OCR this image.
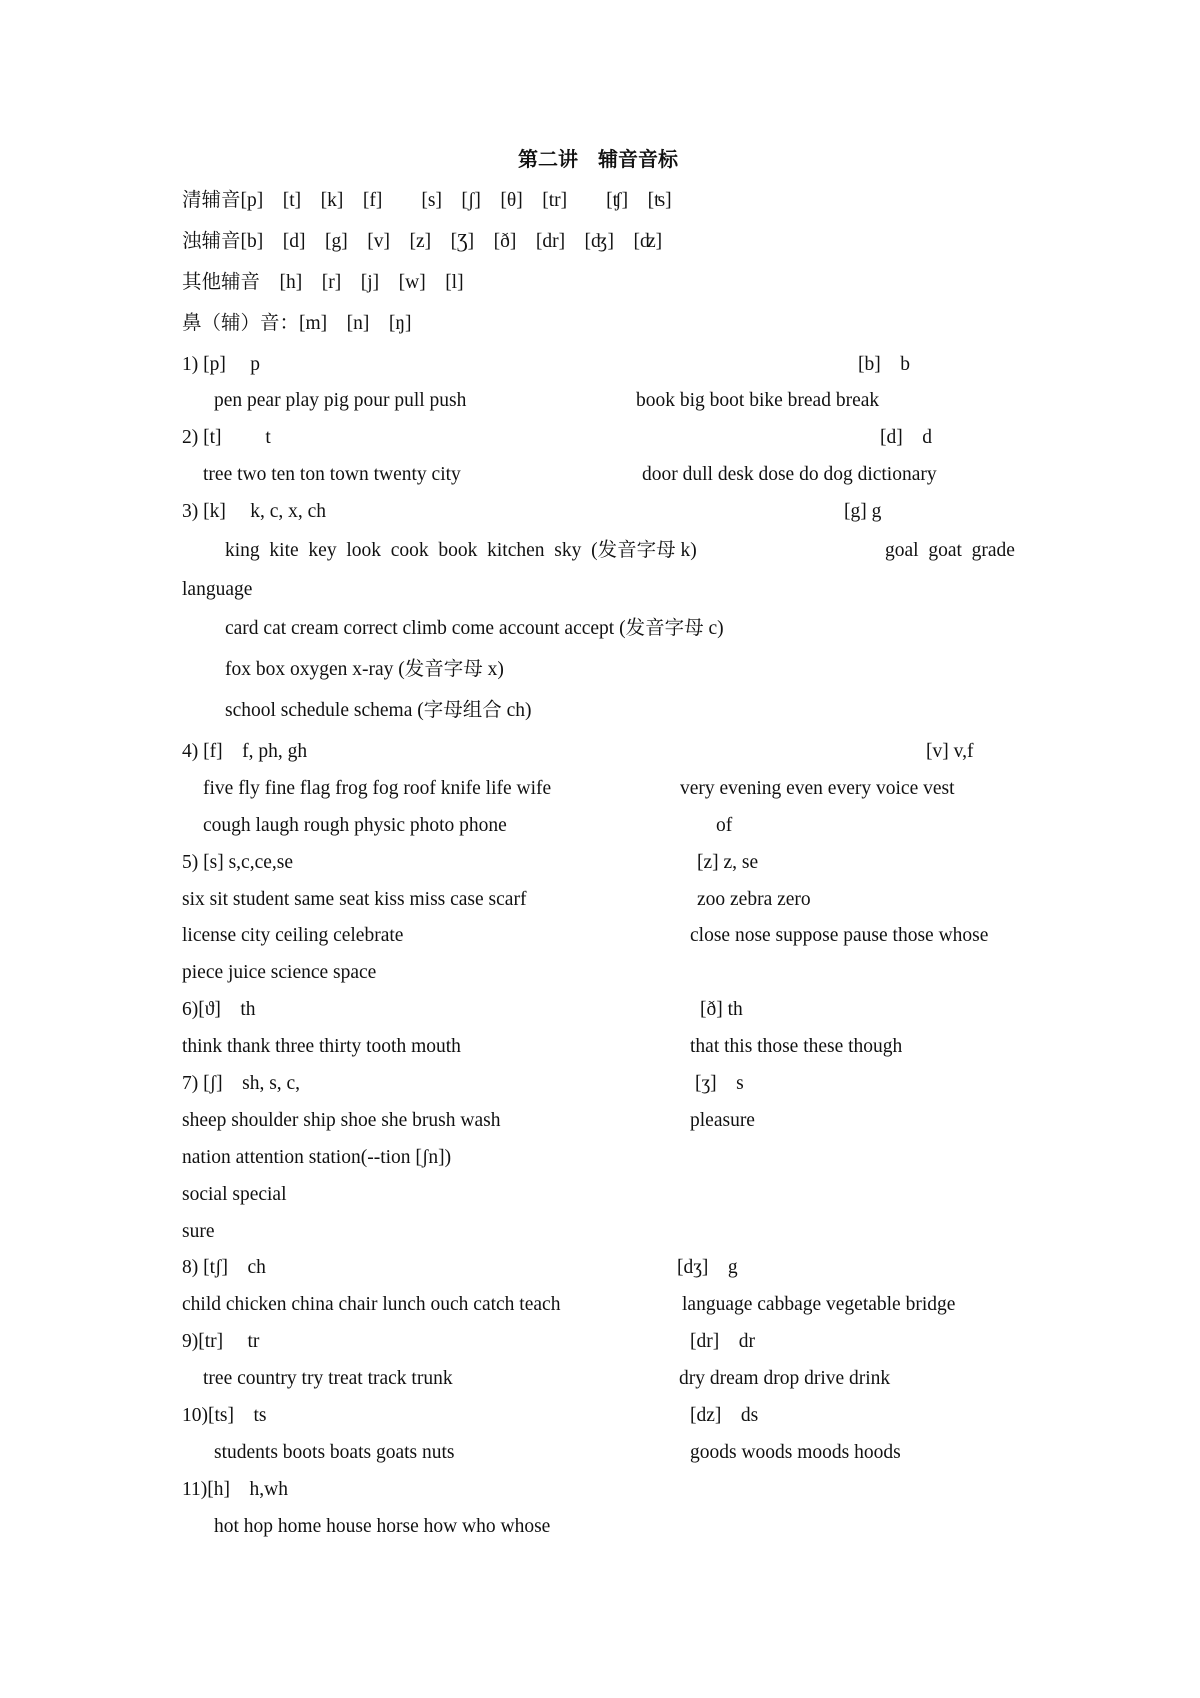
第二讲　辅音音标
清辅音[p]　[t]　[k]　[f]　　[s]　[ʃ]　[θ]　[tr]　　[ʧ]　[ʦ]
浊辅音[b]　[d]　[g]　[v]　[z]　[Ʒ]　[ð]　[dr]　[ʤ]　[ʣ]
其他辅音　[h]　[r]　[j]　[w]　[l]
鼻（辅）音：[m]　[n]　[ŋ]
1) [p]　 p	[b]　b
pen pear play pig pour pull push	book big boot bike bread break
2) [t]　　 t	[d]　d
tree two ten ton town twenty city	door dull desk dose do dog dictionary
3) [k]　 k, c, x, ch	[g] g
king  kite  key  look  cook  book  kitchen  sky  (发音字母 k)	goal  goat  grade
language
card cat cream correct climb come account accept (发音字母 c)
fox box oxygen x-ray (发音字母 x)
school schedule schema (字母组合 ch)
4) [f]　f, ph, gh	[v] v,f
five fly fine flag frog fog roof knife life wife	very evening even every voice vest
cough laugh rough physic photo phone	of
5) [s] s,c,ce,se	[z] z, se
six sit student same seat kiss miss case scarf	zoo zebra zero
license city ceiling celebrate	close nose suppose pause those whose
piece juice science space
6)[ϑ]　th	[ð] th
think thank three thirty tooth mouth	that this those these though
7) [ʃ]　sh, s, c,	[ʒ]　s
sheep shoulder ship shoe she brush wash	pleasure
nation attention station(--tion [ʃn])
social special
sure
8) [tʃ]　ch	[dʒ]　g
child chicken china chair lunch ouch catch teach	language cabbage vegetable bridge
9)[tr]　 tr	[dr]　dr
tree country try treat track trunk	dry dream drop drive drink
10)[ts]　ts	[dz]　ds
students boots boats goats nuts	goods woods moods hoods
11)[h]　h,wh
hot hop home house horse how who whose
